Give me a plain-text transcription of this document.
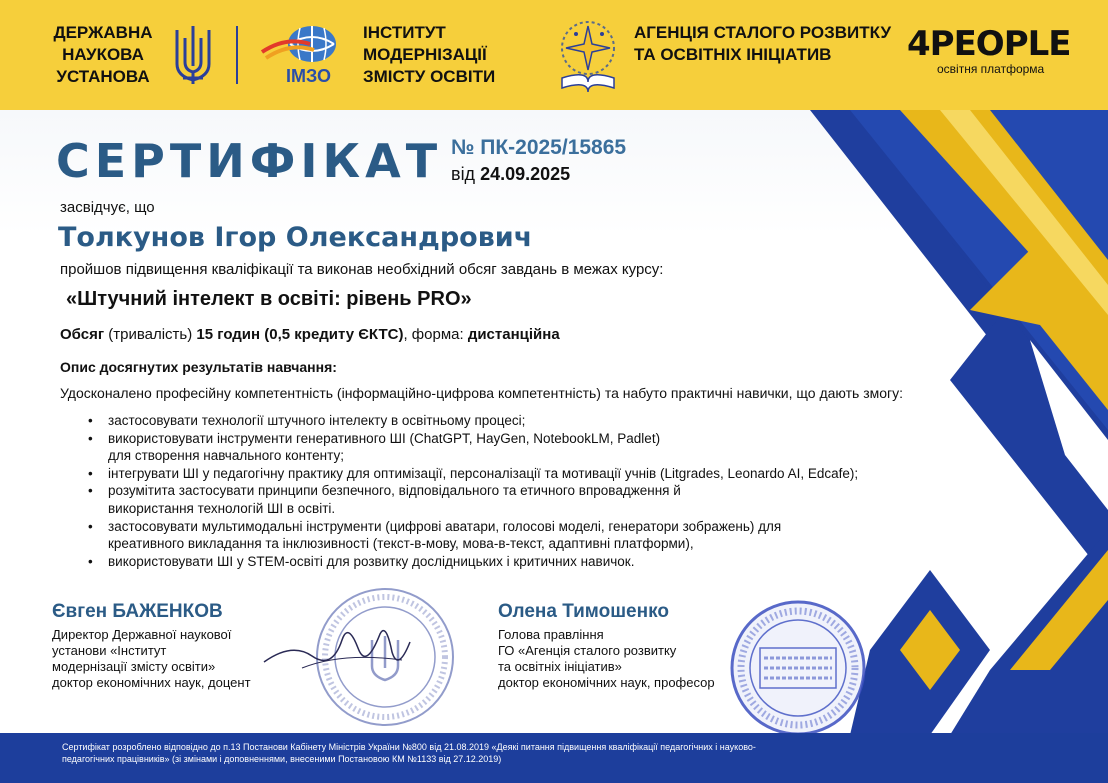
ДЕРЖАВНА НАУКОВА УСТАНОВА	ІМЗО
ІНСТИТУТ МОДЕРНІЗАЦІЇ ЗМІСТУ ОСВІТИ
АГЕНЦІЯ СТАЛОГО РОЗВИТКУ ТА ОСВІТНІХ ІНІЦІАТИВ	4PEOPLE
освітня платформа
СЕРТИФІКАТ № ПК-2025/15865
від 24.09.2025
засвідчує, що
Толкунов Ігор Олександрович
пройшов підвищення кваліфікації та виконав необхідний обсяг завдань в межах курсу:
«Штучний інтелект в освіті: рівень PRO»
Обсяг (тривалість) 15 годин (0,5 кредиту ЄКТС), форма: дистанційна
Опис досягнутих результатів навчання:
Удосконалено професійну компетентність (інформаційно-цифрова компетентність) та набуто практичні навички, що дають змогу:
• застосовувати технології штучного інтелекту в освітньому процесі;
• використовувати інструменти генеративного ШІ (ChatGPT, HayGen, NotebookLM, Padlet)
для створення навчального контенту;
• інтегрувати ШІ у педагогічну практику для оптимізації, персоналізації та мотивації учнів (Litgrades, Leonardo AI, Edcafe);
• розумітита застосувати принципи безпечного, відповідального та етичного впровадження й
використання технологій ШІ в освіті.
• застосовувати мультимодальні інструменти (цифрові аватари, голосові моделі, генератори зображень) для
креативного викладання та інклюзивності (текст-в-мову, мова-в-текст, адаптивні платформи),
• використовувати ШІ у STEM-освіті для розвитку дослідницьких і критичних навичок.
Євген БАЖЕНКОВ
Директор Державної наукової
установи «Інститут
модернізації змісту освіти»
доктор економічних наук, доцент
Олена Тимошенко
Голова правління
ГО «Агенція сталого розвитку
та освітніх ініціатив»
доктор економічних наук, професор
Сертифікат розроблено відповідно до п.13 Постанови Кабінету Міністрів України №800 від 21.08.2019 «Деякі питання підвищення кваліфікації педагогічних і науково-педагогічних працівників» (зі змінами і доповненнями, внесеними Постановою КМ №1133 від 27.12.2019)
